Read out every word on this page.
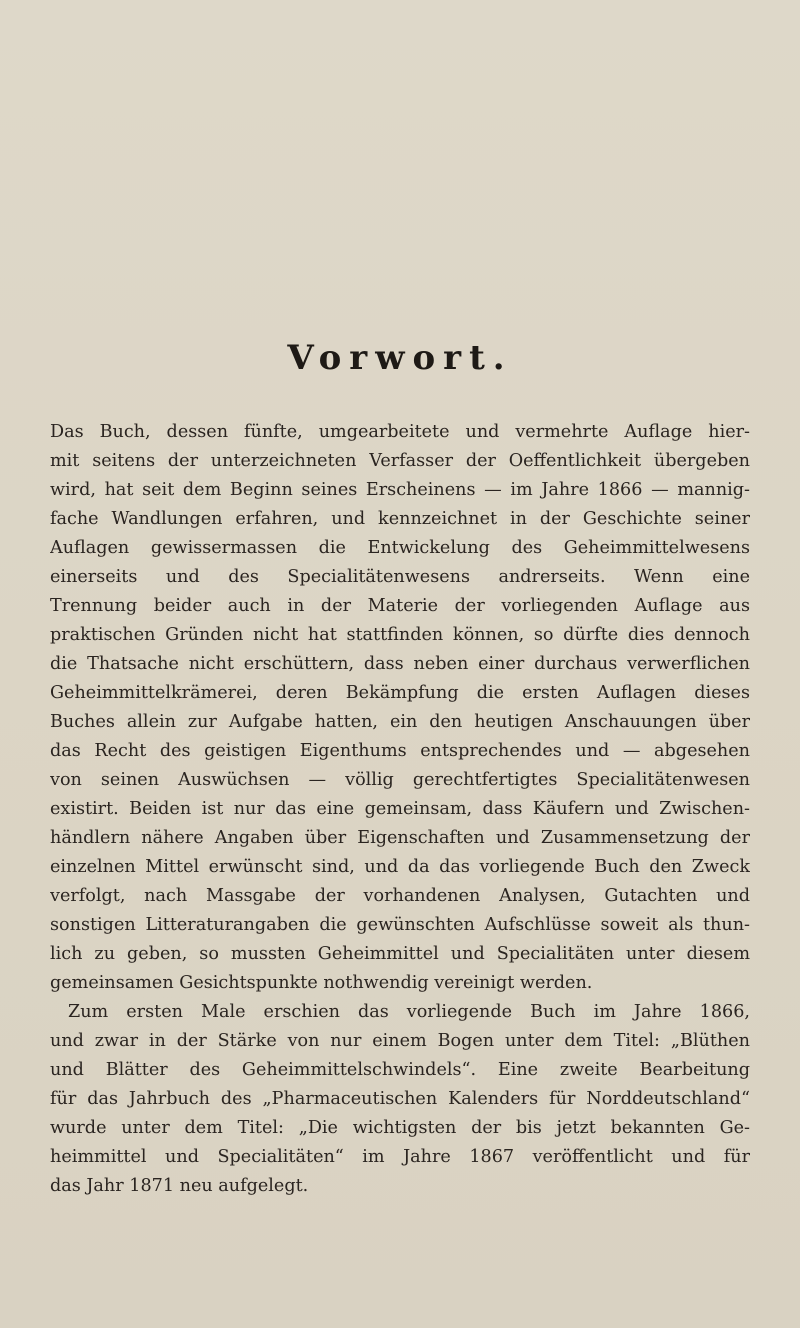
Vorwort.
Das Buch, dessen fünfte, umgearbeitete und vermehrte Auflage hier-
mit seitens der unterzeichneten Verfasser der Oeffentlichkeit übergeben
wird, hat seit dem Beginn seines Erscheinens — im Jahre 1866 — mannig-
fache Wandlungen erfahren, und kennzeichnet in der Geschichte seiner
Auflagen gewissermassen die Entwickelung des Geheimmittelwesens
einerseits und des Specialitätenwesens andrerseits. Wenn eine
Trennung beider auch in der Materie der vorliegenden Auflage aus
praktischen Gründen nicht hat stattfinden können, so dürfte dies dennoch
die Thatsache nicht erschüttern, dass neben einer durchaus verwerflichen
Geheimmittelkrämerei, deren Bekämpfung die ersten Auflagen dieses
Buches allein zur Aufgabe hatten, ein den heutigen Anschauungen über
das Recht des geistigen Eigenthums entsprechendes und — abgesehen
von seinen Auswüchsen — völlig gerechtfertigtes Specialitätenwesen
existirt. Beiden ist nur das eine gemeinsam, dass Käufern und Zwischen-
händlern nähere Angaben über Eigenschaften und Zusammensetzung der
einzelnen Mittel erwünscht sind, und da das vorliegende Buch den Zweck
verfolgt, nach Massgabe der vorhandenen Analysen, Gutachten und
sonstigen Litteraturangaben die gewünschten Aufschlüsse soweit als thun-
lich zu geben, so mussten Geheimmittel und Specialitäten unter diesem
gemeinsamen Gesichtspunkte nothwendig vereinigt werden.
Zum ersten Male erschien das vorliegende Buch im Jahre 1866,
und zwar in der Stärke von nur einem Bogen unter dem Titel: „Blüthen
und Blätter des Geheimmittelschwindels“. Eine zweite Bearbeitung
für das Jahrbuch des „Pharmaceutischen Kalenders für Norddeutschland“
wurde unter dem Titel: „Die wichtigsten der bis jetzt bekannten Ge-
heimmittel und Specialitäten“ im Jahre 1867 veröffentlicht und für
das Jahr 1871 neu aufgelegt.
